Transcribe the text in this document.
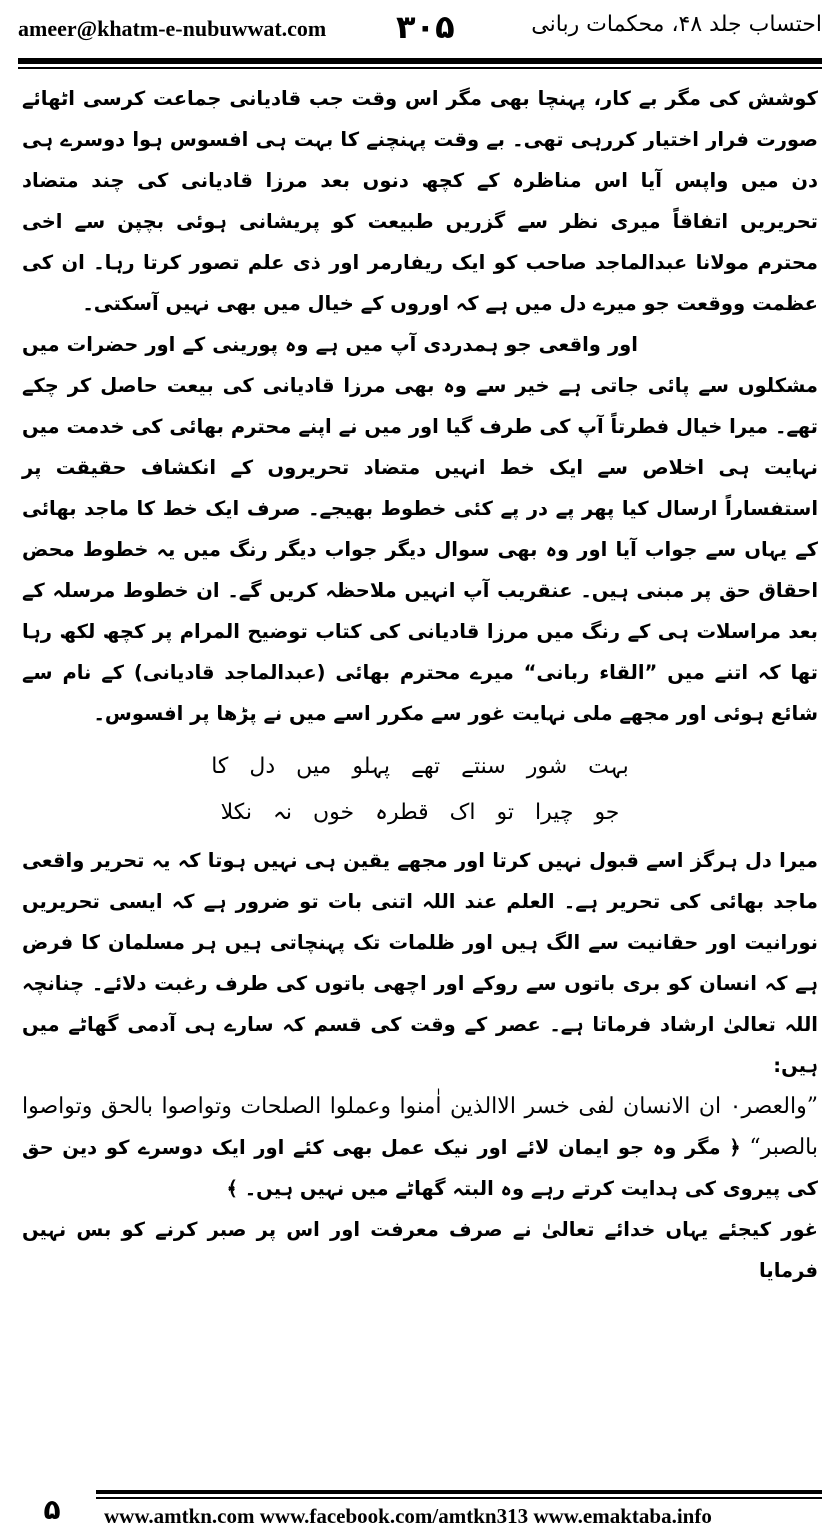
ameer@khatm-e-nubuwwat.com ۳۰۵	احتساب جلد ۴۸، محکمات ربانی

کوشش کی مگر بے کار، پہنچا بھی مگر اس وقت جب قادیانی جماعت کرسی اٹھائے صورت فرار اختیار کررہی تھی۔ بے وقت پہنچنے کا بہت ہی افسوس ہوا دوسرے ہی دن میں واپس آیا اس مناظرہ کے کچھ دنوں بعد مرزا قادیانی کی چند متضاد تحریریں اتفاقاً میری نظر سے گزریں طبیعت کو پریشانی ہوئی بچپن سے اخی محترم مولانا عبدالماجد صاحب کو ایک ریفارمر اور ذی علم تصور کرتا رہا۔ ان کی عظمت ووقعت جو میرے دل میں ہے کہ اوروں کے خیال میں بھی نہیں آسکتی۔

اور واقعی جو ہمدردی آپ میں ہے وہ پورینی کے اور حضرات میں مشکلوں سے پائی جاتی ہے خیر سے وہ بھی مرزا قادیانی کی بیعت حاصل کر چکے تھے۔ میرا خیال فطرتاً آپ کی طرف گیا اور میں نے اپنے محترم بھائی کی خدمت میں نہایت ہی اخلاص سے ایک خط انہیں متضاد تحریروں کے انکشاف حقیقت پر استفساراً ارسال کیا پھر پے در پے کئی خطوط بھیجے۔ صرف ایک خط کا ماجد بھائی کے یہاں سے جواب آیا اور وہ بھی سوال دیگر جواب دیگر رنگ میں یہ خطوط محض احقاق حق پر مبنی ہیں۔ عنقریب آپ انہیں ملاحظہ کریں گے۔ ان خطوط مرسلہ کے بعد مراسلات ہی کے رنگ میں مرزا قادیانی کی کتاب توضیح المرام پر کچھ لکھ رہا تھا کہ اتنے میں ”القاء ربانی“ میرے محترم بھائی (عبدالماجد قادیانی) کے نام سے شائع ہوئی اور مجھے ملی نہایت غور سے مکرر اسے میں نے پڑھا پر افسوس۔

بہت شور سنتے تھے پہلو میں دل کا
جو چیرا تو اک قطرہ خوں نہ نکلا

میرا دل ہرگز اسے قبول نہیں کرتا اور مجھے یقین ہی نہیں ہوتا کہ یہ تحریر واقعی ماجد بھائی کی تحریر ہے۔ العلم عند اللہ اتنی بات تو ضرور ہے کہ ایسی تحریریں نورانیت اور حقانیت سے الگ ہیں اور ظلمات تک پہنچاتی ہیں ہر مسلمان کا فرض ہے کہ انسان کو بری باتوں سے روکے اور اچھی باتوں کی طرف رغبت دلائے۔ چنانچہ اللہ تعالیٰ ارشاد فرماتا ہے۔ عصر کے وقت کی قسم کہ سارے ہی آدمی گھاٹے میں ہیں:

”والعصر۰ ان الانسان لفی خسر الاالذین اٰمنوا وعملوا الصلحات وتواصوا بالحق وتواصوا بالصبر“ ﴿ مگر وہ جو ایمان لائے اور نیک عمل بھی کئے اور ایک دوسرے کو دین حق کی پیروی کی ہدایت کرتے رہے وہ البتہ گھاٹے میں نہیں ہیں۔ ﴾

غور کیجئے یہاں خدائے تعالیٰ نے صرف معرفت اور اس پر صبر کرنے کو بس نہیں فرمایا

۵	www.amtkn.com www.facebook.com/amtkn313 www.emaktaba.info
